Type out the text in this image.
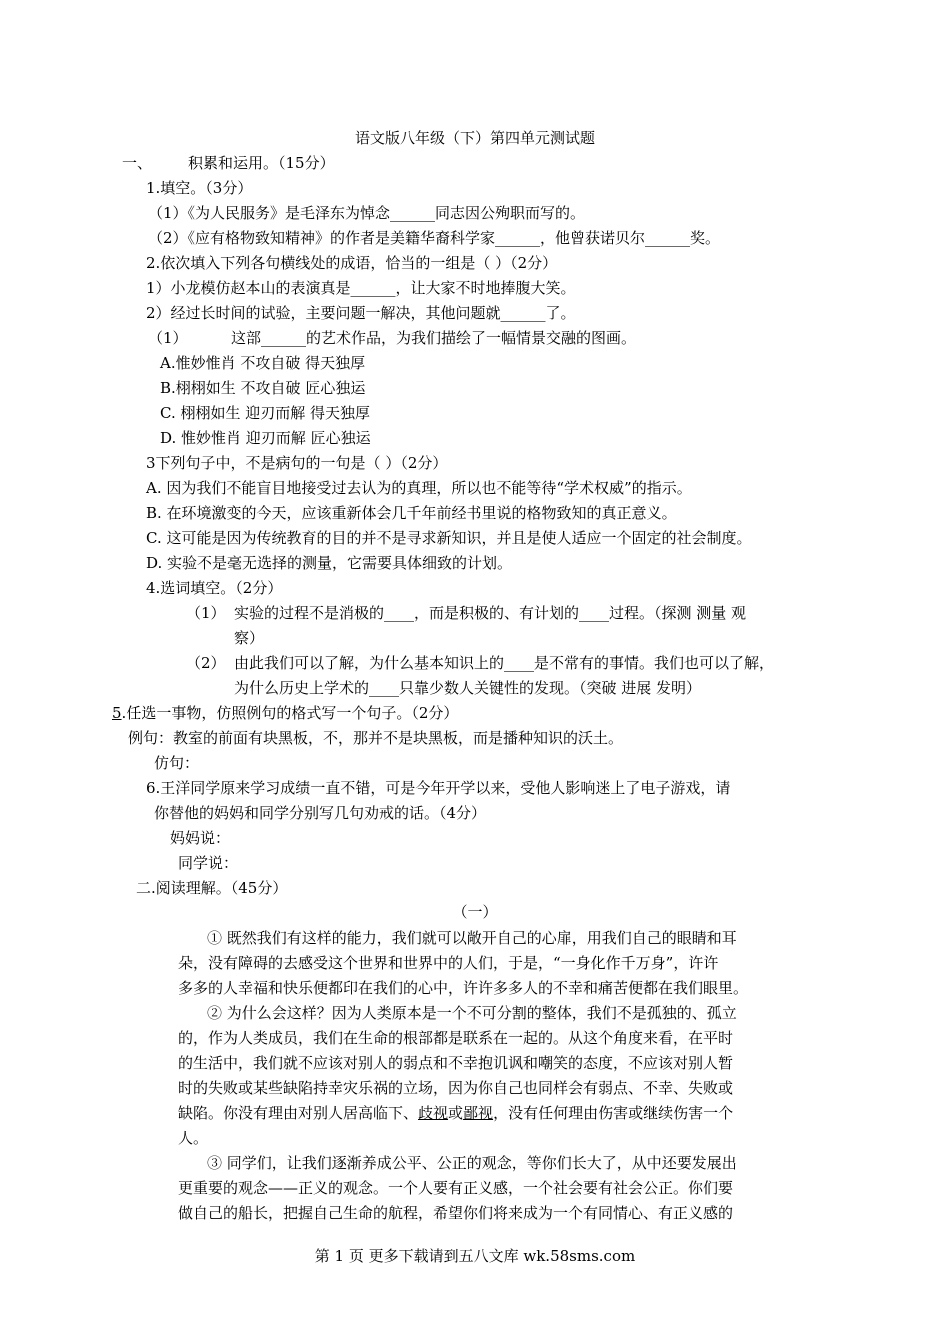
语文版八年级（下）第四单元测试题
一、 积累和运用。（15分）
1.填空。（3分）
（1）《为人民服务》是毛泽东为悼念______同志因公殉职而写的。
（2）《应有格物致知精神》的作者是美籍华裔科学家______，他曾获诺贝尔______奖。
2.依次填入下列各句横线处的成语，恰当的一组是（ ）（2分）
1）小龙模仿赵本山的表演真是______，让大家不时地捧腹大笑。
2）经过长时间的试验，主要问题一解决，其他问题就______了。
（1）	这部______的艺术作品，为我们描绘了一幅情景交融的图画。
A.惟妙惟肖 不攻自破 得天独厚
B.栩栩如生 不攻自破 匠心独运
C. 栩栩如生 迎刃而解 得天独厚
D. 惟妙惟肖 迎刃而解 匠心独运
3下列句子中，不是病句的一句是（ ）（2分）
A. 因为我们不能盲目地接受过去认为的真理，所以也不能等待“学术权威”的指示。
B. 在环境激变的今天，应该重新体会几千年前经书里说的格物致知的真正意义。
C. 这可能是因为传统教育的目的并不是寻求新知识，并且是使人适应一个固定的社会制度。
D. 实验不是毫无选择的测量，它需要具体细致的计划。
4.选词填空。（2分）
（1） 实验的过程不是消极的____，而是积极的、有计划的____过程。（探测 测量 观
察）
（2） 由此我们可以了解，为什么基本知识上的____是不常有的事情。我们也可以了解，
为什么历史上学术的____只靠少数人关键性的发现。（突破 进展 发明）
5.任选一事物，仿照例句的格式写一个句子。（2分）
例句：教室的前面有块黑板，不，那并不是块黑板，而是播种知识的沃土。
仿句：
6.王洋同学原来学习成绩一直不错，可是今年开学以来，受他人影响迷上了电子游戏，请
你替他的妈妈和同学分别写几句劝戒的话。（4分）
妈妈说：
同学说：
二.阅读理解。（45分）
（一）
① 既然我们有这样的能力，我们就可以敞开自己的心扉，用我们自己的眼睛和耳
朵，没有障碍的去感受这个世界和世界中的人们，于是，“一身化作千万身”，许许
多多的人幸福和快乐便都印在我们的心中，许许多多人的不幸和痛苦便都在我们眼里。
② 为什么会这样？因为人类原本是一个不可分割的整体，我们不是孤独的、孤立
的，作为人类成员，我们在生命的根部都是联系在一起的。从这个角度来看，在平时
的生活中，我们就不应该对别人的弱点和不幸抱讥讽和嘲笑的态度，不应该对别人暂
时的失败或某些缺陷持幸灾乐祸的立场，因为你自己也同样会有弱点、不幸、失败或
缺陷。你没有理由对别人居高临下、歧视或鄙视，没有任何理由伤害或继续伤害一个
人。
③ 同学们，让我们逐渐养成公平、公正的观念，等你们长大了，从中还要发展出
更重要的观念——正义的观念。一个人要有正义感，一个社会要有社会公正。你们要
做自己的船长，把握自己生命的航程，希望你们将来成为一个有同情心、有正义感的
第 1 页 更多下载请到五八文库 wk.58sms.com
